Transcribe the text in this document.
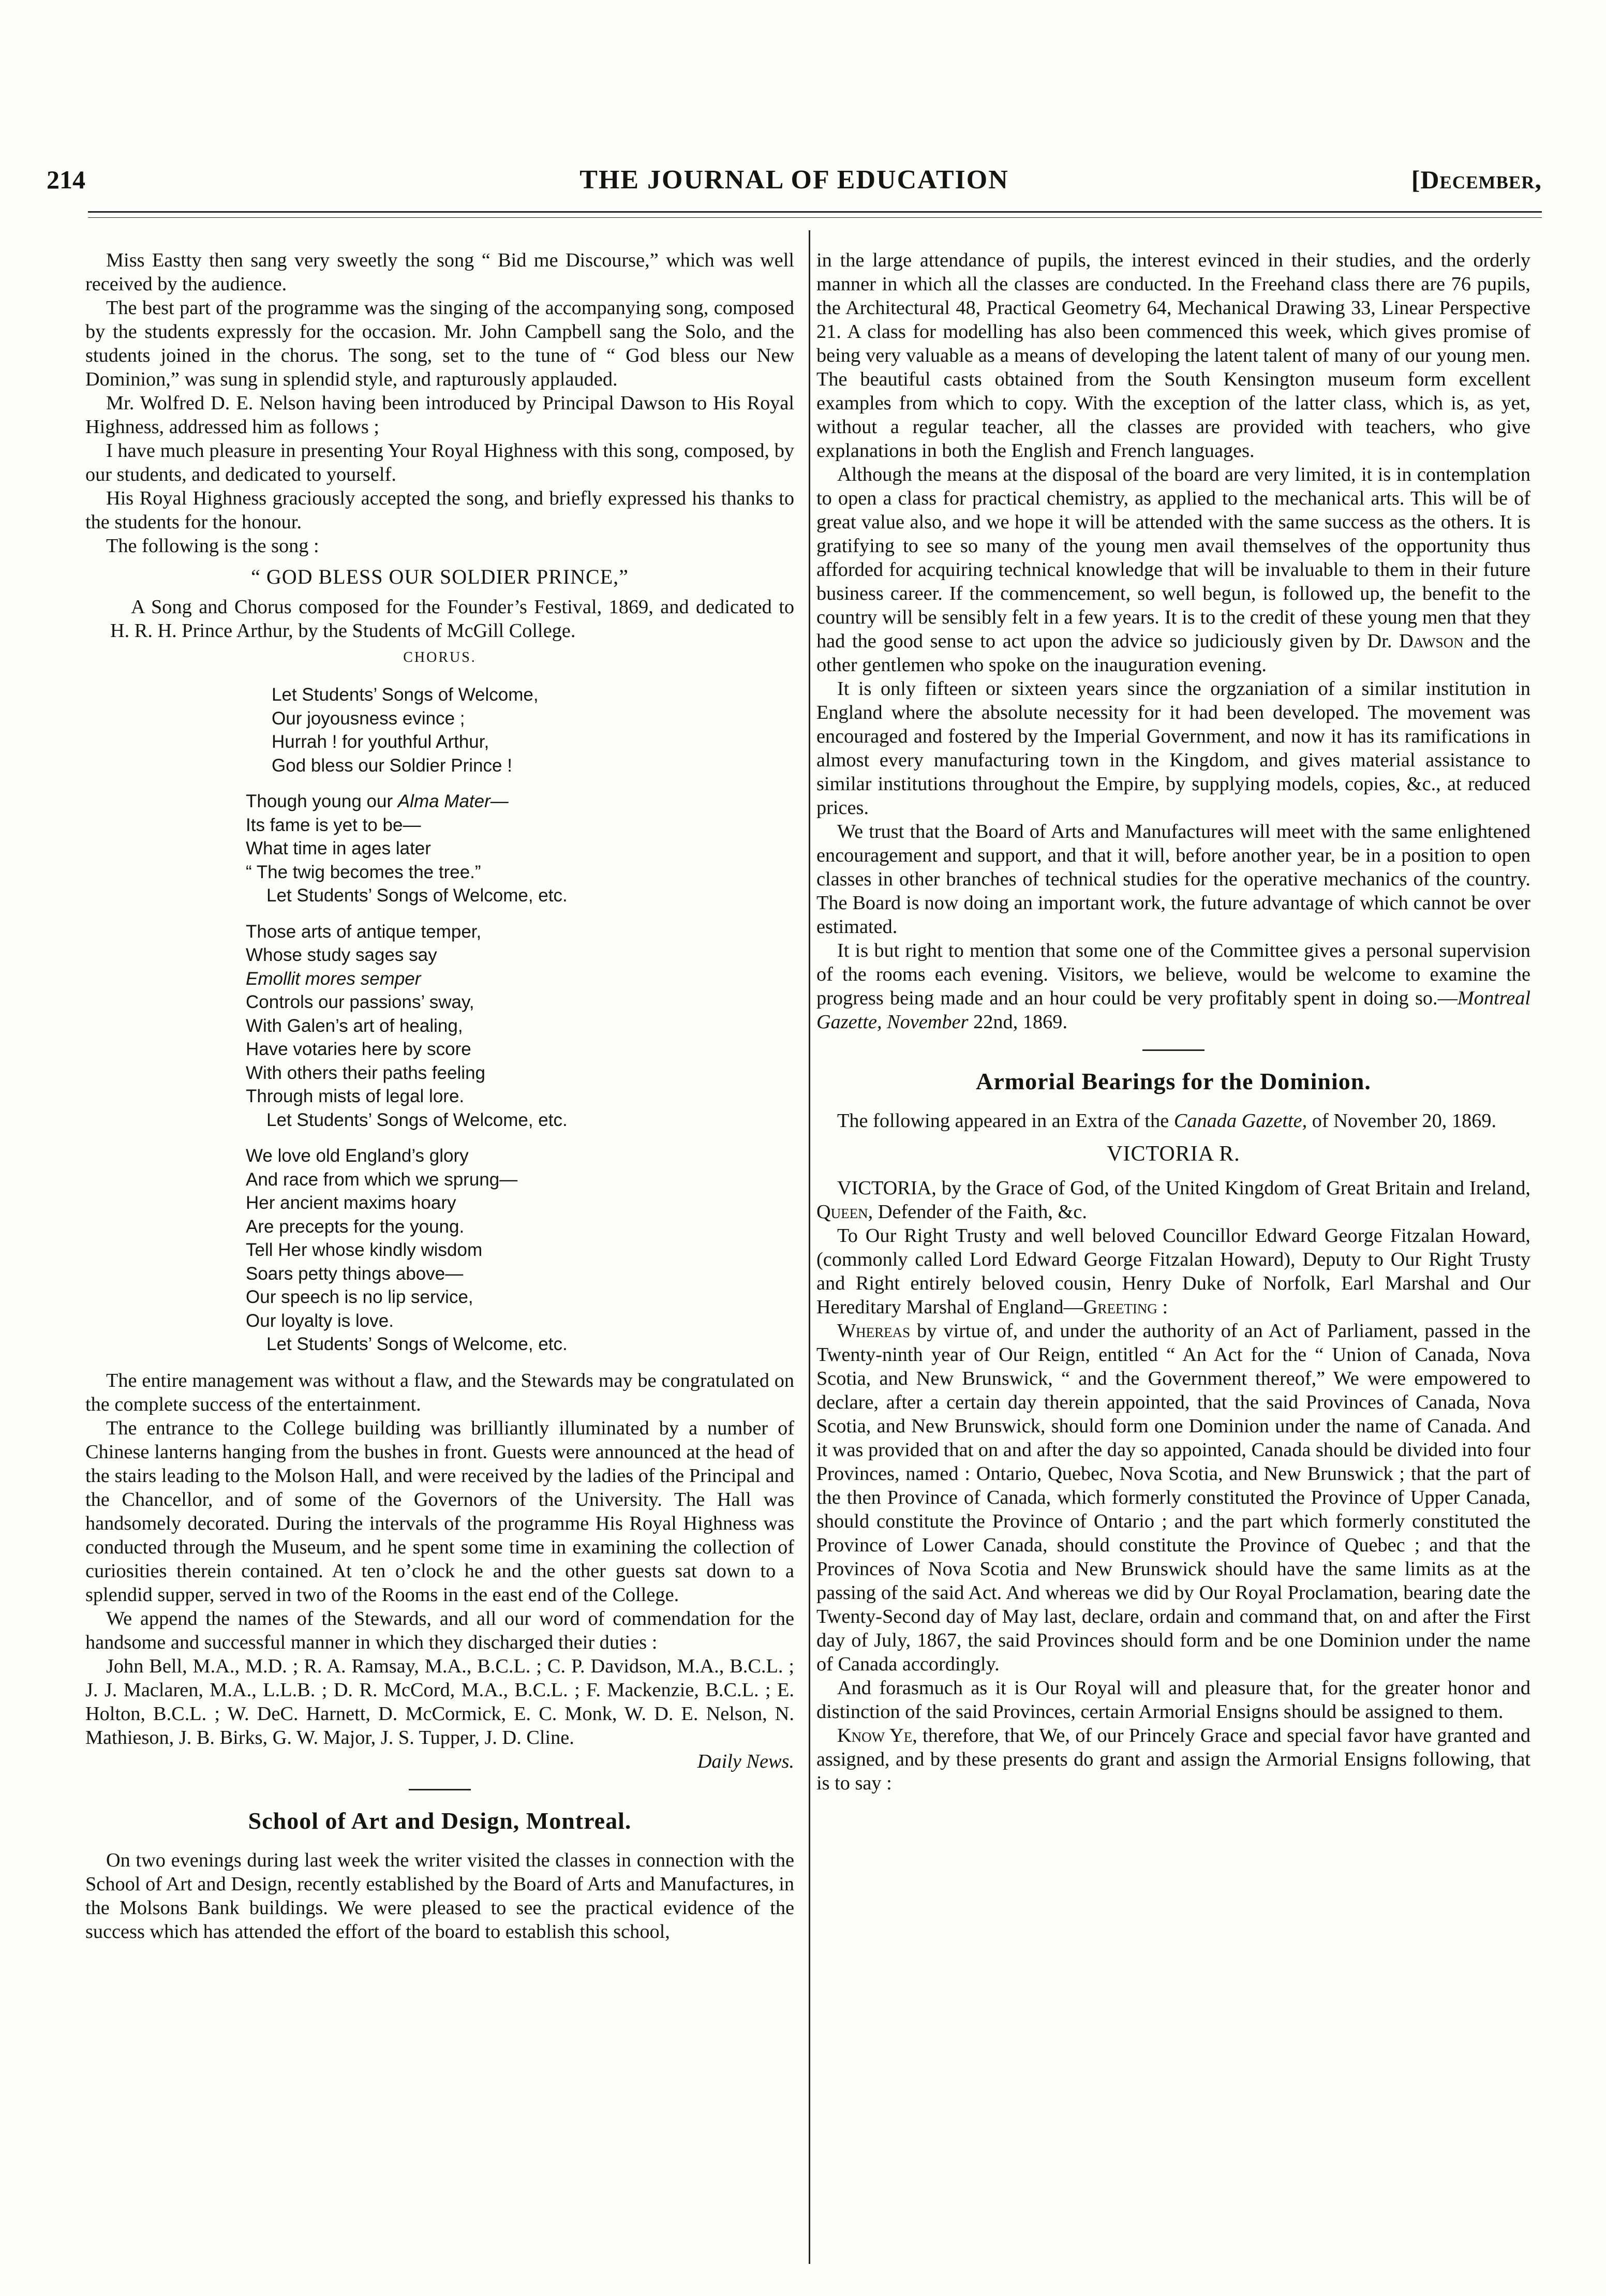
214	THE JOURNAL OF EDUCATION	[December,

Miss Eastty then sang very sweetly the song “ Bid me Discourse,” which was well received by the audience.

The best part of the programme was the singing of the accompanying song, composed by the students expressly for the occasion. Mr. John Campbell sang the Solo, and the students joined in the chorus. The song, set to the tune of “ God bless our New Dominion,” was sung in splendid style, and rapturously applauded.

Mr. Wolfred D. E. Nelson having been introduced by Principal Dawson to His Royal Highness, addressed him as follows ;

I have much pleasure in presenting Your Royal Highness with this song, composed, by our students, and dedicated to yourself.

His Royal Highness graciously accepted the song, and briefly expressed his thanks to the students for the honour.

The following is the song :

“ GOD BLESS OUR SOLDIER PRINCE,”

A Song and Chorus composed for the Founder’s Festival, 1869, and dedicated to H. R. H. Prince Arthur, by the Students of McGill College.

CHORUS.
Let Students’ Songs of Welcome,
Our joyousness evince ;
Hurrah ! for youthful Arthur,
God bless our Soldier Prince !
Though young our Alma Mater—
Its fame is yet to be—
What time in ages later
“ The twig becomes the tree.”
Let Students’ Songs of Welcome, etc.
Those arts of antique temper,
Whose study sages say
Emollit mores semper
Controls our passions’ sway,
With Galen’s art of healing,
Have votaries here by score
With others their paths feeling
Through mists of legal lore.
Let Students’ Songs of Welcome, etc.
We love old England’s glory
And race from which we sprung—
Her ancient maxims hoary
Are precepts for the young.
Tell Her whose kindly wisdom
Soars petty things above—
Our speech is no lip service,
Our loyalty is love.
Let Students’ Songs of Welcome, etc.

The entire management was without a flaw, and the Stewards may be congratulated on the complete success of the entertainment.

The entrance to the College building was brilliantly illuminated by a number of Chinese lanterns hanging from the bushes in front. Guests were announced at the head of the stairs leading to the Molson Hall, and were received by the ladies of the Principal and the Chancellor, and of some of the Governors of the University. The Hall was handsomely decorated. During the intervals of the programme His Royal Highness was conducted through the Museum, and he spent some time in examining the collection of curiosities therein contained. At ten o’clock he and the other guests sat down to a splendid supper, served in two of the Rooms in the east end of the College.

We append the names of the Stewards, and all our word of commendation for the handsome and successful manner in which they discharged their duties :

John Bell, M.A., M.D. ; R. A. Ramsay, M.A., B.C.L. ; C. P. Davidson, M.A., B.C.L. ; J. J. Maclaren, M.A., L.L.B. ; D. R. McCord, M.A., B.C.L. ; F. Mackenzie, B.C.L. ; E. Holton, B.C.L. ; W. DeC. Harnett, D. McCormick, E. C. Monk, W. D. E. Nelson, N. Mathieson, J. B. Birks, G. W. Major, J. S. Tupper, J. D. Cline.

Daily News.

School of Art and Design, Montreal.

On two evenings during last week the writer visited the classes in connection with the School of Art and Design, recently established by the Board of Arts and Manufactures, in the Molsons Bank buildings. We were pleased to see the practical evidence of the success which has attended the effort of the board to establish this school,

in the large attendance of pupils, the interest evinced in their studies, and the orderly manner in which all the classes are conducted. In the Freehand class there are 76 pupils, the Architectural 48, Practical Geometry 64, Mechanical Drawing 33, Linear Perspective 21. A class for modelling has also been commenced this week, which gives promise of being very valuable as a means of developing the latent talent of many of our young men. The beautiful casts obtained from the South Kensington museum form excellent examples from which to copy. With the exception of the latter class, which is, as yet, without a regular teacher, all the classes are provided with teachers, who give explanations in both the English and French languages.

Although the means at the disposal of the board are very limited, it is in contemplation to open a class for practical chemistry, as applied to the mechanical arts. This will be of great value also, and we hope it will be attended with the same success as the others. It is gratifying to see so many of the young men avail themselves of the opportunity thus afforded for acquiring technical knowledge that will be invaluable to them in their future business career. If the commencement, so well begun, is followed up, the benefit to the country will be sensibly felt in a few years. It is to the credit of these young men that they had the good sense to act upon the advice so judiciously given by Dr. Dawson and the other gentlemen who spoke on the inauguration evening.

It is only fifteen or sixteen years since the orgzaniation of a similar institution in England where the absolute necessity for it had been developed. The movement was encouraged and fostered by the Imperial Government, and now it has its ramifications in almost every manufacturing town in the Kingdom, and gives material assistance to similar institutions throughout the Empire, by supplying models, copies, &c., at reduced prices.

We trust that the Board of Arts and Manufactures will meet with the same enlightened encouragement and support, and that it will, before another year, be in a position to open classes in other branches of technical studies for the operative mechanics of the country. The Board is now doing an important work, the future advantage of which cannot be over estimated.

It is but right to mention that some one of the Committee gives a personal supervision of the rooms each evening. Visitors, we believe, would be welcome to examine the progress being made and an hour could be very profitably spent in doing so.—Montreal Gazette, November 22nd, 1869.

Armorial Bearings for the Dominion.

The following appeared in an Extra of the Canada Gazette, of November 20, 1869.

VICTORIA R.

VICTORIA, by the Grace of God, of the United Kingdom of Great Britain and Ireland, Queen, Defender of the Faith, &c.

To Our Right Trusty and well beloved Councillor Edward George Fitzalan Howard, (commonly called Lord Edward George Fitzalan Howard), Deputy to Our Right Trusty and Right entirely beloved cousin, Henry Duke of Norfolk, Earl Marshal and Our Hereditary Marshal of England—Greeting :

Whereas by virtue of, and under the authority of an Act of Parliament, passed in the Twenty-ninth year of Our Reign, entitled “ An Act for the “ Union of Canada, Nova Scotia, and New Brunswick, “ and the Government thereof,” We were empowered to declare, after a certain day therein appointed, that the said Provinces of Canada, Nova Scotia, and New Brunswick, should form one Dominion under the name of Canada. And it was provided that on and after the day so appointed, Canada should be divided into four Provinces, named : Ontario, Quebec, Nova Scotia, and New Brunswick ; that the part of the then Province of Canada, which formerly constituted the Province of Upper Canada, should constitute the Province of Ontario ; and the part which formerly constituted the Province of Lower Canada, should constitute the Province of Quebec ; and that the Provinces of Nova Scotia and New Brunswick should have the same limits as at the passing of the said Act. And whereas we did by Our Royal Proclamation, bearing date the Twenty-Second day of May last, declare, ordain and command that, on and after the First day of July, 1867, the said Provinces should form and be one Dominion under the name of Canada accordingly.

And forasmuch as it is Our Royal will and pleasure that, for the greater honor and distinction of the said Provinces, certain Armorial Ensigns should be assigned to them.

Know Ye, therefore, that We, of our Princely Grace and special favor have granted and assigned, and by these presents do grant and assign the Armorial Ensigns following, that is to say :
